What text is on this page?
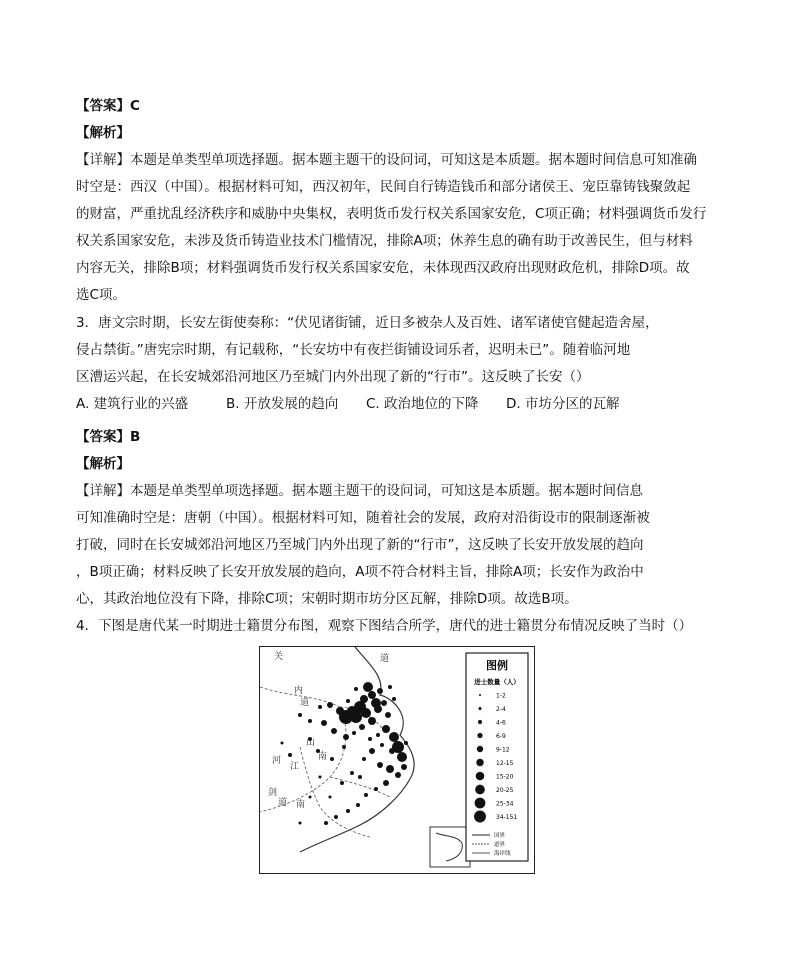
【答案】C
【解析】
【详解】本题是单类型单项选择题。据本题主题干的设问词，可知这是本质题。据本题时间信息可知准确
时空是：西汉（中国）。根据材料可知，西汉初年，民间自行铸造钱币和部分诸侯王、宠臣靠铸钱聚敛起
的财富，严重扰乱经济秩序和威胁中央集权，表明货币发行权关系国家安危，C项正确；材料强调货币发行
权关系国家安危，未涉及货币铸造业技术门槛情况，排除A项；休养生息的确有助于改善民生，但与材料
内容无关，排除B项；材料强调货币发行权关系国家安危，未体现西汉政府出现财政危机，排除D项。故
选C项。
3．唐文宗时期，长安左街使奏称：“伏见诸街铺，近日多被杂人及百姓、诸军诸使官健起造舍屋，
侵占禁街。”唐宪宗时期，有记载称，“长安坊中有夜拦街铺设词乐者，迟明未已”。随着临河地
区漕运兴起，在长安城郊沿河地区乃至城门内外出现了新的“行市”。这反映了长安（）
A. 建筑行业的兴盛	B. 开放发展的趋向 C. 政治地位的下降 D. 市坊分区的瓦解
【答案】B
【解析】
【详解】本题是单类型单项选择题。据本题主题干的设问词，可知这是本质题。据本题时间信息
可知准确时空是：唐朝（中国）。根据材料可知，随着社会的发展，政府对沿街设市的限制逐渐被
打破，同时在长安城郊沿河地区乃至城门内外出现了新的“行市”，这反映了长安开放发展的趋向
，B项正确；材料反映了长安开放发展的趋向，A项不符合材料主旨，排除A项；长安作为政治中
心，其政治地位没有下降，排除C项；宋朝时期市坊分区瓦解，排除D项。故选B项。
4．下图是唐代某一时期进士籍贯分布图，观察下图结合所学，唐代的进士籍贯分布情况反映了当时（）
关	道
内
道
山
南
江
剑
道 南
河
图例
进士数量（人）
1-2
2-4
4-6
6-9
9-12
12-15
15-20
20-25
25-34
34-151
国界
道界
海岸线
